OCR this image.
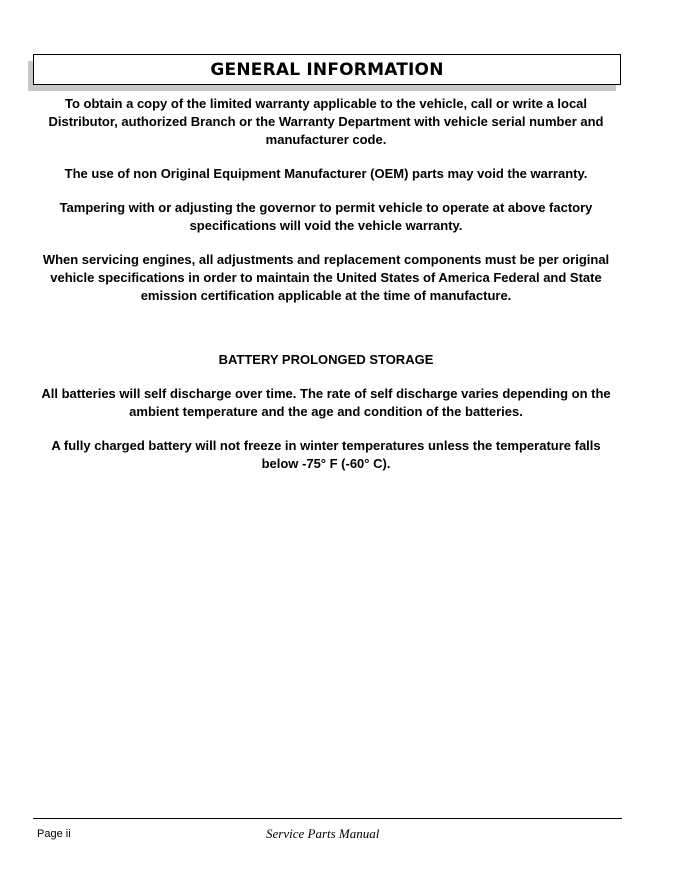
GENERAL INFORMATION

To obtain a copy of the limited warranty applicable to the vehicle, call or write a local Distributor, authorized Branch or the Warranty Department with vehicle serial number and manufacturer code.

The use of non Original Equipment Manufacturer (OEM) parts may void the warranty.

Tampering with or adjusting the governor to permit vehicle to operate at above factory specifications will void the vehicle warranty.

When servicing engines, all adjustments and replacement components must be per original vehicle specifications in order to maintain the United States of America Federal and State emission certification applicable at the time of manufacture.

BATTERY PROLONGED STORAGE

All batteries will self discharge over time. The rate of self discharge varies depending on the ambient temperature and the age and condition of the batteries.

A fully charged battery will not freeze in winter temperatures unless the temperature falls below -75° F (-60° C).

Page ii	Service Parts Manual
